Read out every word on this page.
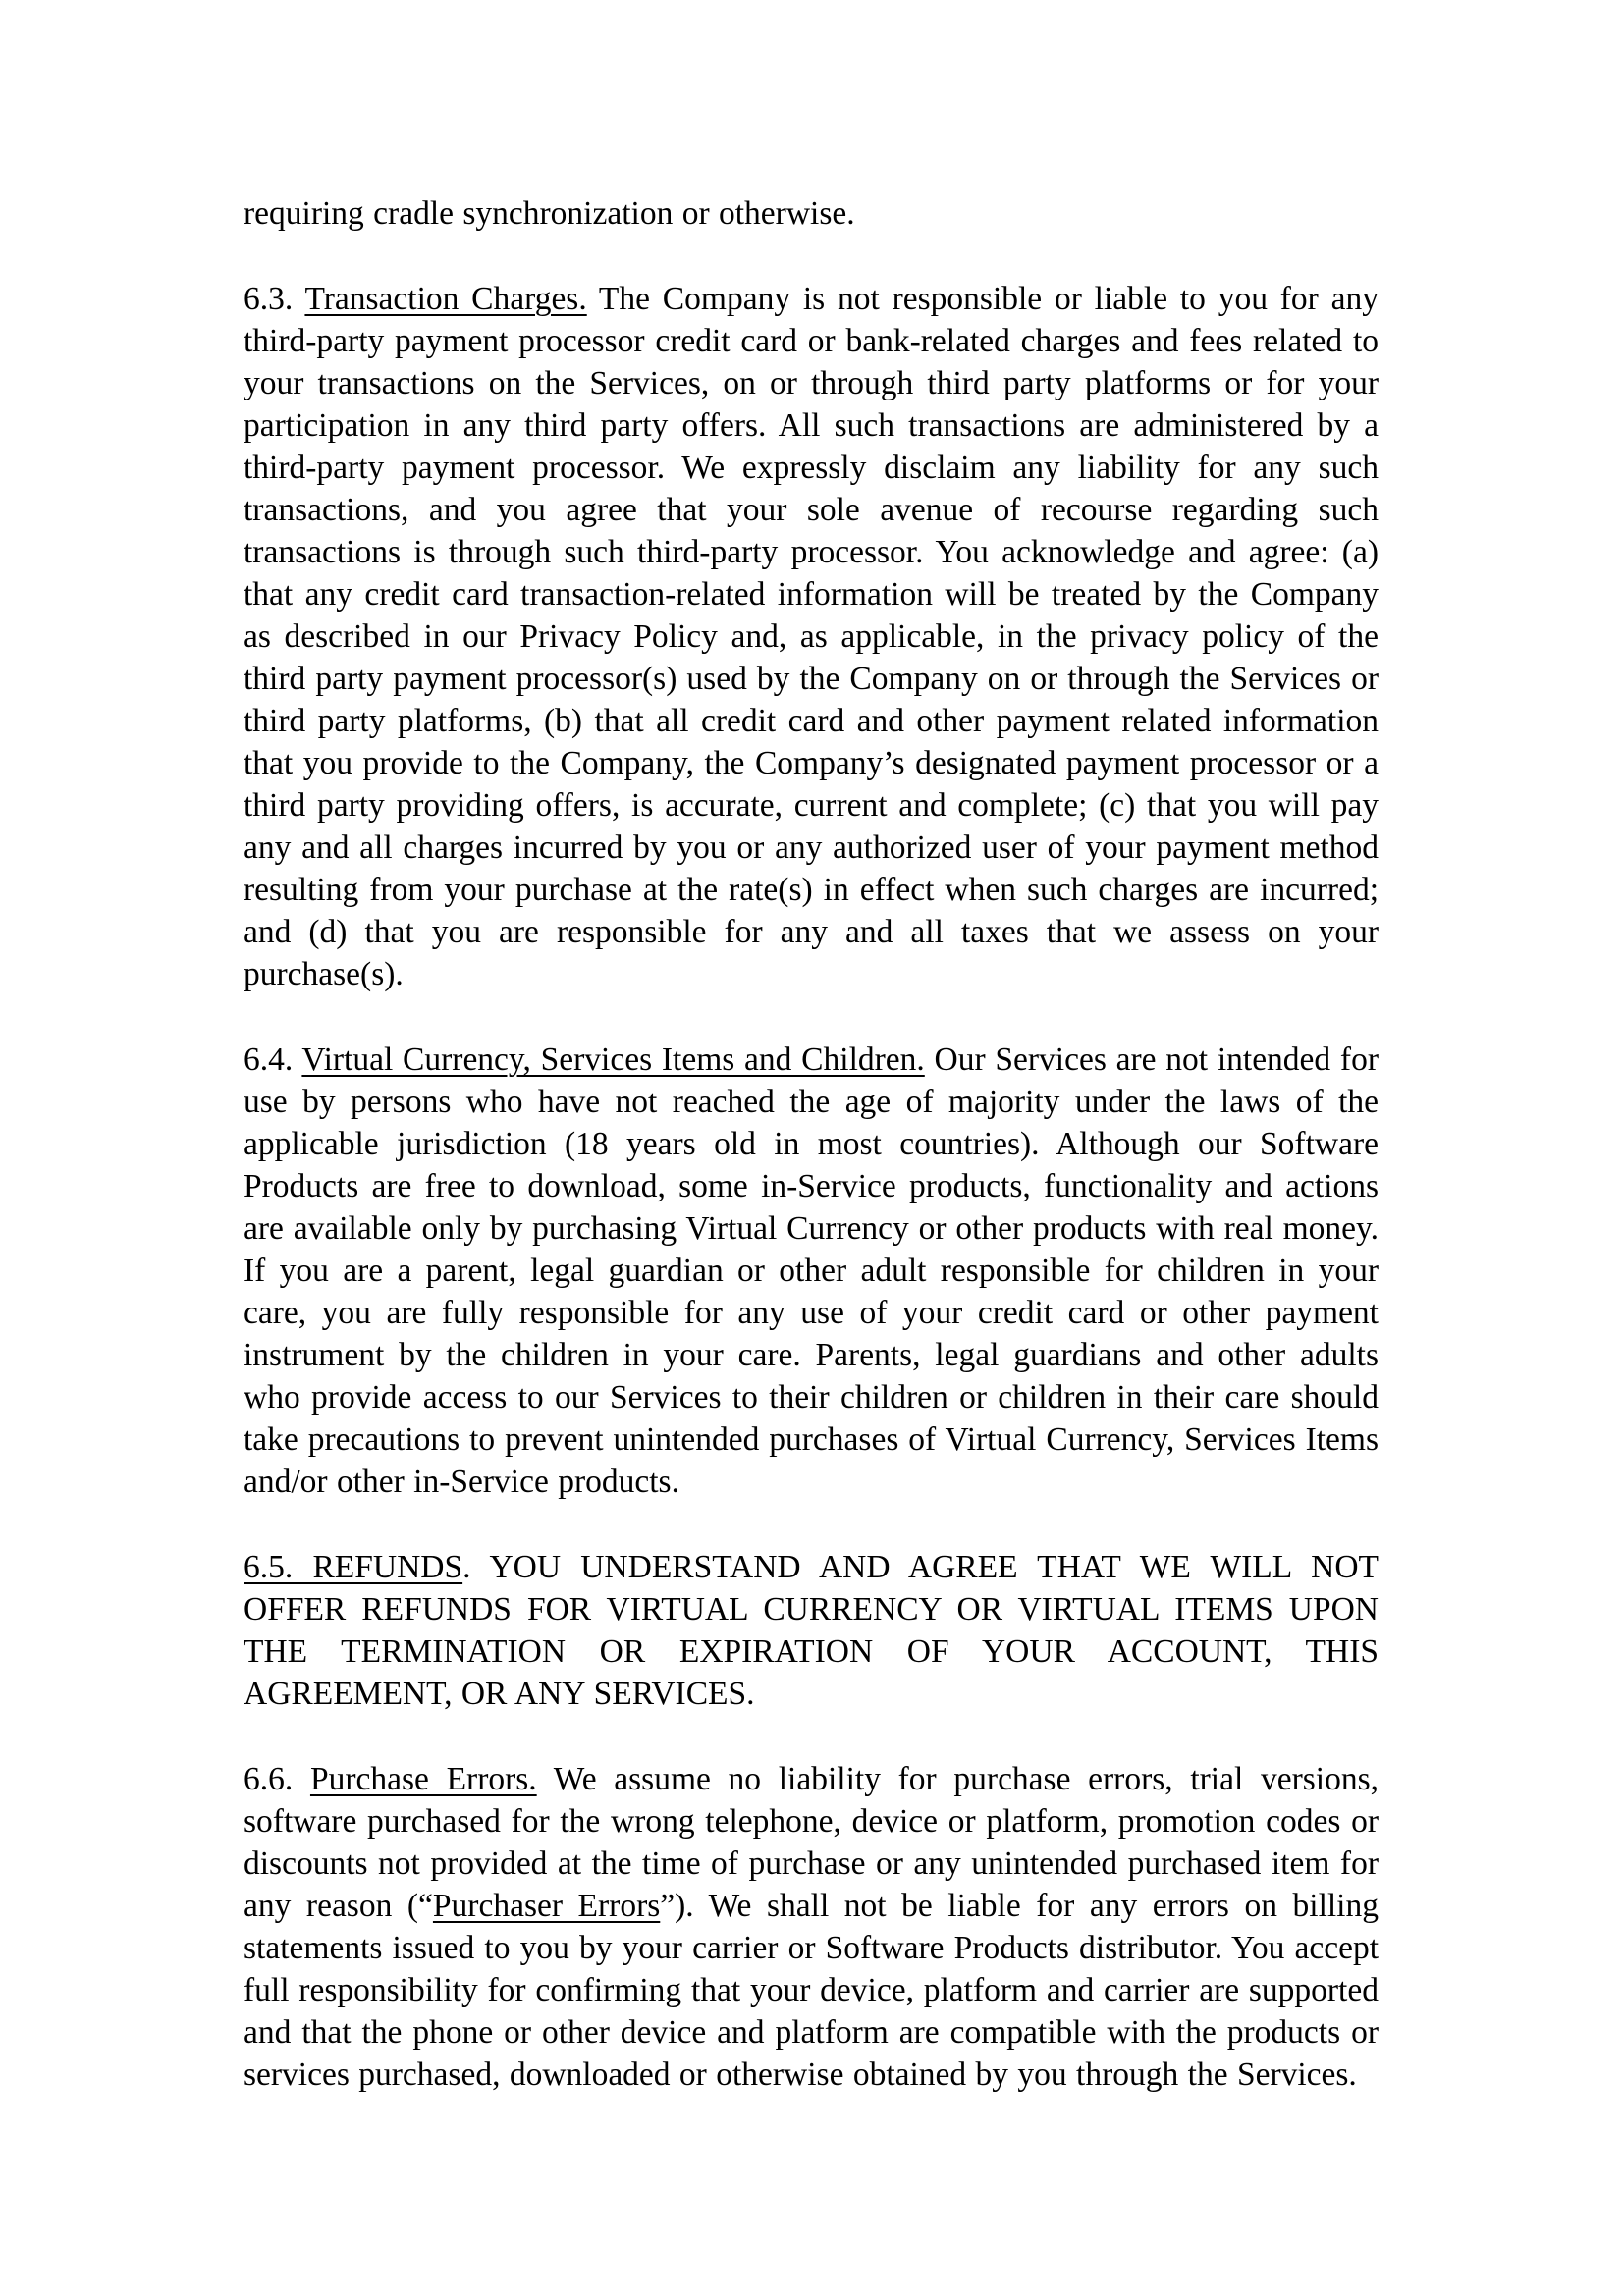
requiring cradle synchronization or otherwise.

6.3. Transaction Charges. The Company is not responsible or liable to you for any third-party payment processor credit card or bank-related charges and fees related to your transactions on the Services, on or through third party platforms or for your participation in any third party offers. All such transactions are administered by a third-party payment processor. We expressly disclaim any liability for any such transactions, and you agree that your sole avenue of recourse regarding such transactions is through such third-party processor. You acknowledge and agree: (a) that any credit card transaction-related information will be treated by the Company as described in our Privacy Policy and, as applicable, in the privacy policy of the third party payment processor(s) used by the Company on or through the Services or third party platforms, (b) that all credit card and other payment related information that you provide to the Company, the Company’s designated payment processor or a third party providing offers, is accurate, current and complete; (c) that you will pay any and all charges incurred by you or any authorized user of your payment method resulting from your purchase at the rate(s) in effect when such charges are incurred; and (d) that you are responsible for any and all taxes that we assess on your purchase(s).

6.4. Virtual Currency, Services Items and Children. Our Services are not intended for use by persons who have not reached the age of majority under the laws of the applicable jurisdiction (18 years old in most countries). Although our Software Products are free to download, some in-Service products, functionality and actions are available only by purchasing Virtual Currency or other products with real money. If you are a parent, legal guardian or other adult responsible for children in your care, you are fully responsible for any use of your credit card or other payment instrument by the children in your care. Parents, legal guardians and other adults who provide access to our Services to their children or children in their care should take precautions to prevent unintended purchases of Virtual Currency, Services Items and/or other in-Service products.

6.5. REFUNDS. YOU UNDERSTAND AND AGREE THAT WE WILL NOT OFFER REFUNDS FOR VIRTUAL CURRENCY OR VIRTUAL ITEMS UPON THE TERMINATION OR EXPIRATION OF YOUR ACCOUNT, THIS AGREEMENT, OR ANY SERVICES.

6.6. Purchase Errors. We assume no liability for purchase errors, trial versions, software purchased for the wrong telephone, device or platform, promotion codes or discounts not provided at the time of purchase or any unintended purchased item for any reason (“Purchaser Errors”). We shall not be liable for any errors on billing statements issued to you by your carrier or Software Products distributor. You accept full responsibility for confirming that your device, platform and carrier are supported and that the phone or other device and platform are compatible with the products or services purchased, downloaded or otherwise obtained by you through the Services.
